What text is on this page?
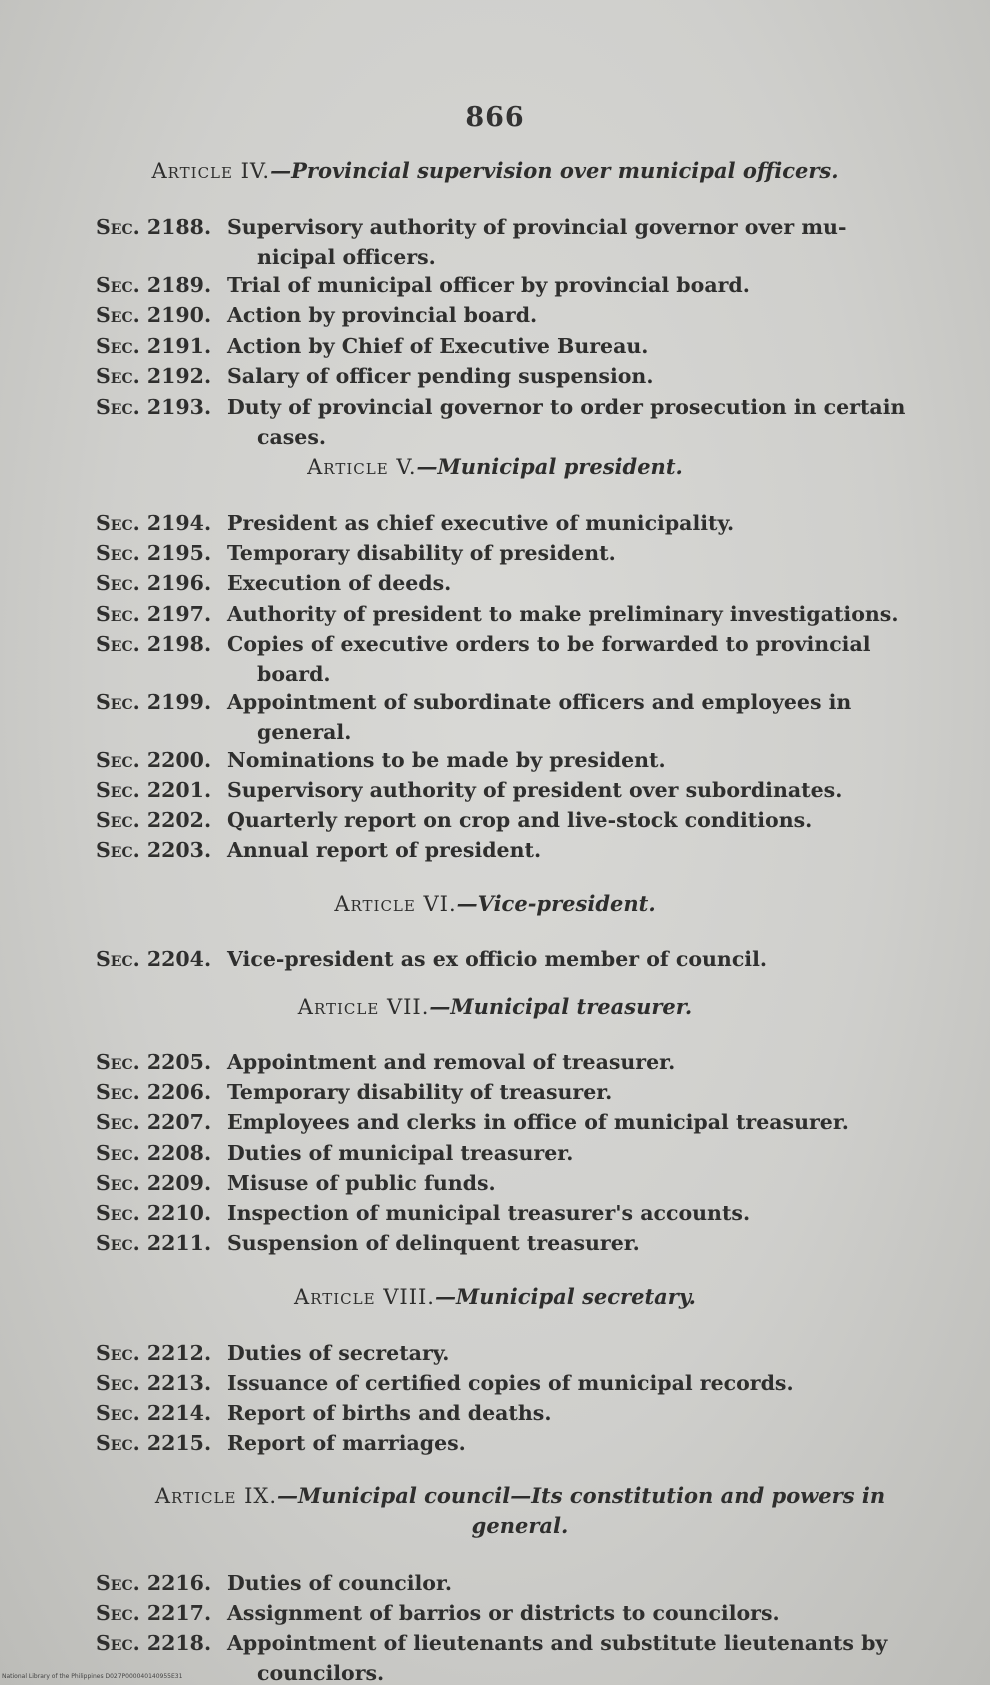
866
Article IV.—Provincial supervision over municipal officers.
Sec. 2188. Supervisory authority of provincial governor over mu-
nicipal officers.
Sec. 2189. Trial of municipal officer by provincial board.
Sec. 2190. Action by provincial board.
Sec. 2191. Action by Chief of Executive Bureau.
Sec. 2192. Salary of officer pending suspension.
Sec. 2193. Duty of provincial governor to order prosecution in certain
cases.
Article V.—Municipal president.
Sec. 2194. President as chief executive of municipality.
Sec. 2195. Temporary disability of president.
Sec. 2196. Execution of deeds.
Sec. 2197. Authority of president to make preliminary investigations.
Sec. 2198. Copies of executive orders to be forwarded to provincial
board.
Sec. 2199. Appointment of subordinate officers and employees in
general.
Sec. 2200. Nominations to be made by president.
Sec. 2201. Supervisory authority of president over subordinates.
Sec. 2202. Quarterly report on crop and live-stock conditions.
Sec. 2203. Annual report of president.
Article VI.—Vice-president.
Sec. 2204. Vice-president as ex officio member of council.
Article VII.—Municipal treasurer.
Sec. 2205. Appointment and removal of treasurer.
Sec. 2206. Temporary disability of treasurer.
Sec. 2207. Employees and clerks in office of municipal treasurer.
Sec. 2208. Duties of municipal treasurer.
Sec. 2209. Misuse of public funds.
Sec. 2210. Inspection of municipal treasurer's accounts.
Sec. 2211. Suspension of delinquent treasurer.
Article VIII.—Municipal secretary.
Sec. 2212. Duties of secretary.
Sec. 2213. Issuance of certified copies of municipal records.
Sec. 2214. Report of births and deaths.
Sec. 2215. Report of marriages.
Article IX.—Municipal council—Its constitution and powers in
general.
Sec. 2216. Duties of councilor.
Sec. 2217. Assignment of barrios or districts to councilors.
Sec. 2218. Appointment of lieutenants and substitute lieutenants by
councilors.
National Library of the Philippines D027P000040140955E31
